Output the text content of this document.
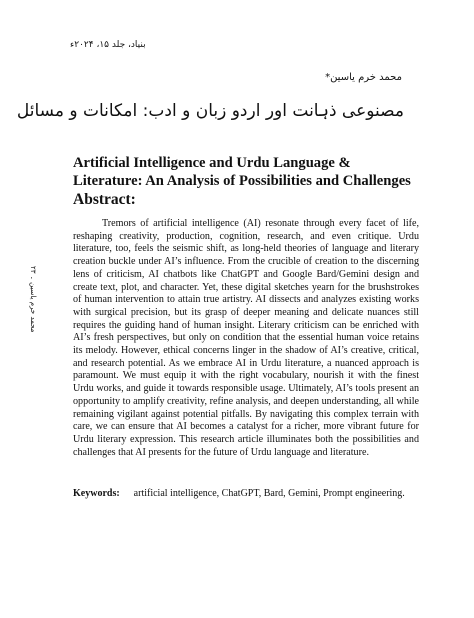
بنیاد، جلد ۱۵، ۲۰۲۴ء
محمد خرم یاسین*
مصنوعی ذہانت اور اردو زبان و ادب: امکانات و مسائل
Artificial Intelligence and Urdu Language & Literature: An Analysis of Possibilities and Challenges
Abstract:

Tremors of artificial intelligence (AI) resonate through every facet of life, reshaping creativity, production, cognition, research, and even critique. Urdu literature, too, feels the seismic shift, as long-held theories of language and literary creation buckle under AI’s influence. From the crucible of creation to the discerning lens of criticism, AI chatbots like ChatGPT and Google Bard/Gemini design and create text, plot, and character. Yet, these digital sketches yearn for the brushstrokes of human intervention to attain true artistry. AI dissects and analyzes existing works with surgical precision, but its grasp of deeper meaning and delicate nuances still requires the guiding hand of human insight. Literary criticism can be enriched with AI’s fresh perspectives, but only on condition that the essential human voice retains its melody. However, ethical concerns linger in the shadow of AI’s creative, critical, and research potential. As we embrace AI in Urdu literature, a nuanced approach is paramount. We must equip it with the right vocabulary, nourish it with the finest Urdu works, and guide it towards responsible usage. Ultimately, AI’s tools present an opportunity to amplify creativity, refine analysis, and deepen understanding, all while remaining vigilant against potential pitfalls. By navigating this complex terrain with care, we can ensure that AI becomes a catalyst for a richer, more vibrant future for Urdu literary expression. This research article illuminates both the possibilities and challenges that AI presents for the future of Urdu language and literature.

Keywords: artificial intelligence, ChatGPT, Bard, Gemini, Prompt engineering.
محمد خرم یاسین ۔ ۲۳
